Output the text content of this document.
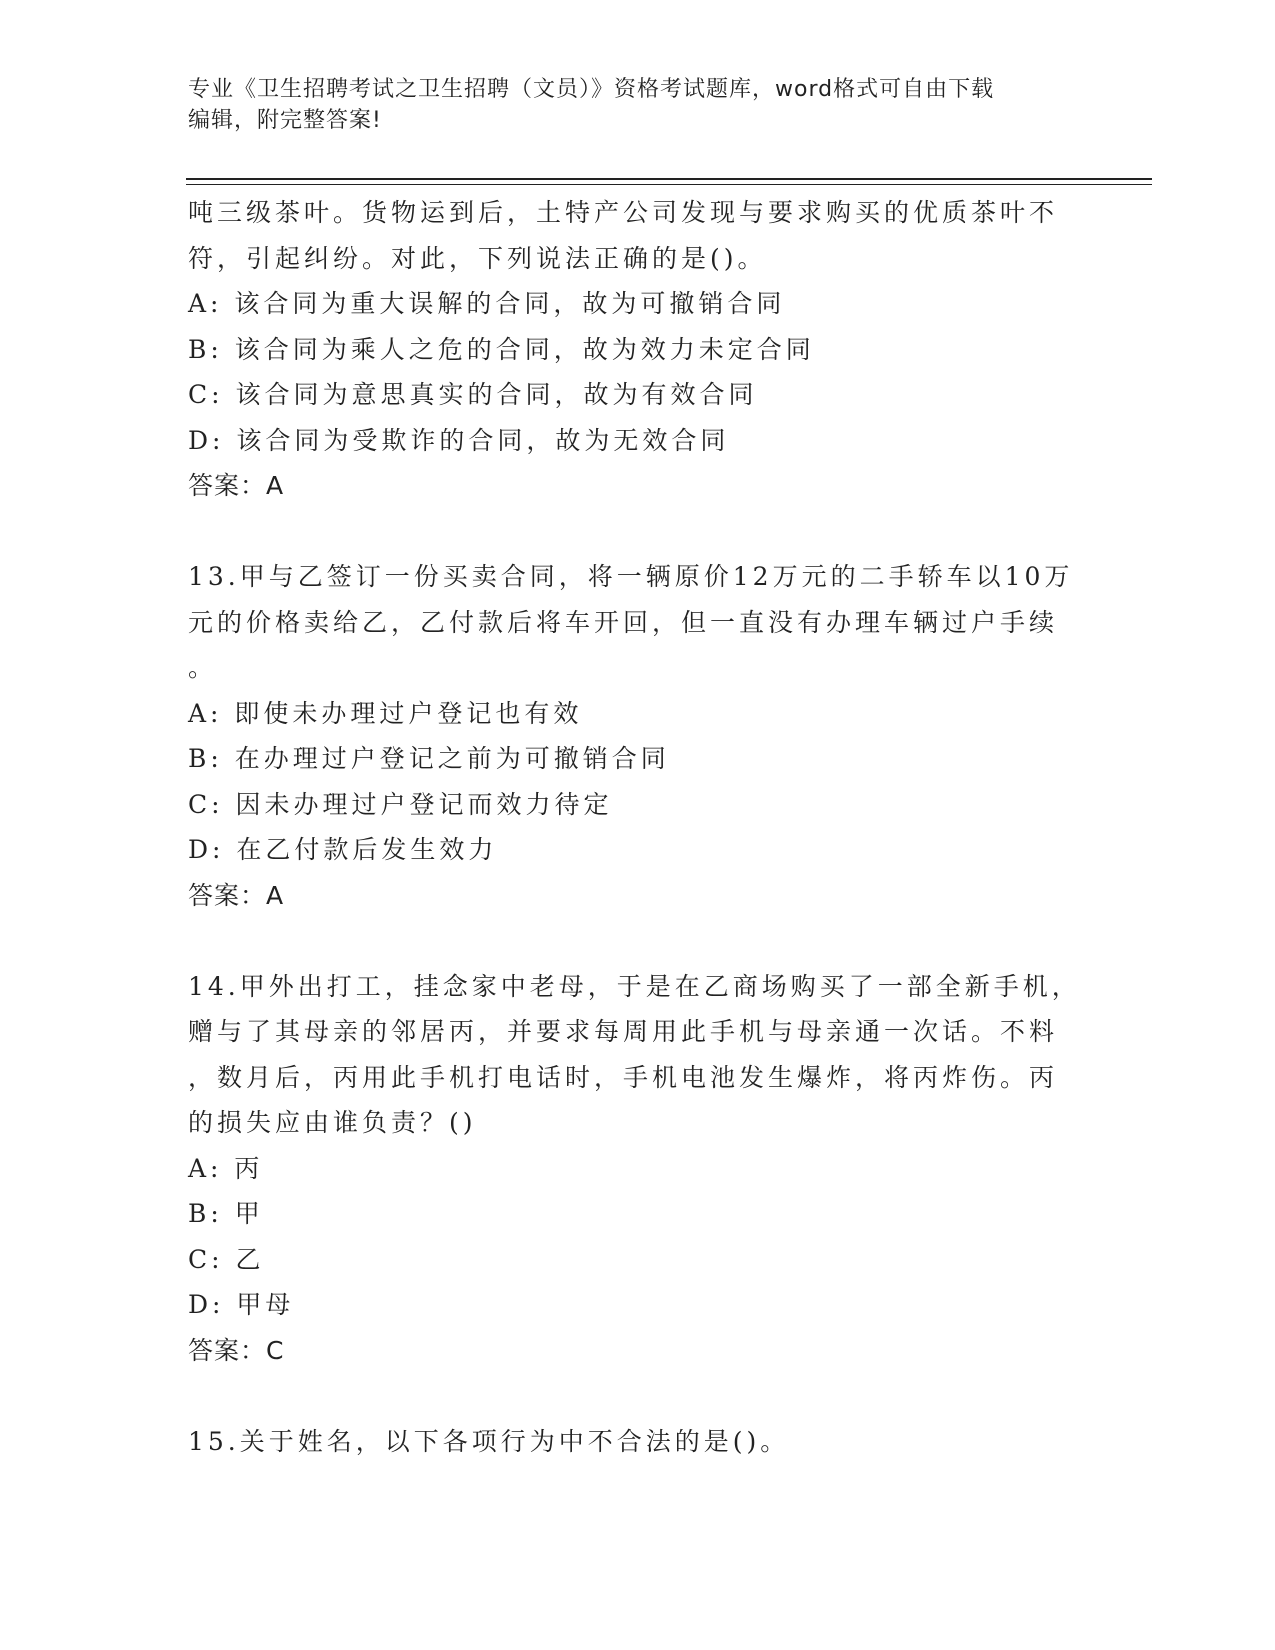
专业《卫生招聘考试之卫生招聘（文员）》资格考试题库，word格式可自由下载
编辑，附完整答案!
吨三级茶叶。货物运到后，土特产公司发现与要求购买的优质茶叶不
符，引起纠纷。对此，下列说法正确的是()。
A: 该合同为重大误解的合同，故为可撤销合同
B: 该合同为乘人之危的合同，故为效力未定合同
C: 该合同为意思真实的合同，故为有效合同
D: 该合同为受欺诈的合同，故为无效合同
答案：A
13.甲与乙签订一份买卖合同，将一辆原价12万元的二手轿车以10万
元的价格卖给乙，乙付款后将车开回，但一直没有办理车辆过户手续
。
A: 即使未办理过户登记也有效
B: 在办理过户登记之前为可撤销合同
C: 因未办理过户登记而效力待定
D: 在乙付款后发生效力
答案：A
14.甲外出打工，挂念家中老母，于是在乙商场购买了一部全新手机，
赠与了其母亲的邻居丙，并要求每周用此手机与母亲通一次话。不料
，数月后，丙用此手机打电话时，手机电池发生爆炸，将丙炸伤。丙
的损失应由谁负责？()
A: 丙
B: 甲
C: 乙
D: 甲母
答案：C
15.关于姓名，以下各项行为中不合法的是()。
